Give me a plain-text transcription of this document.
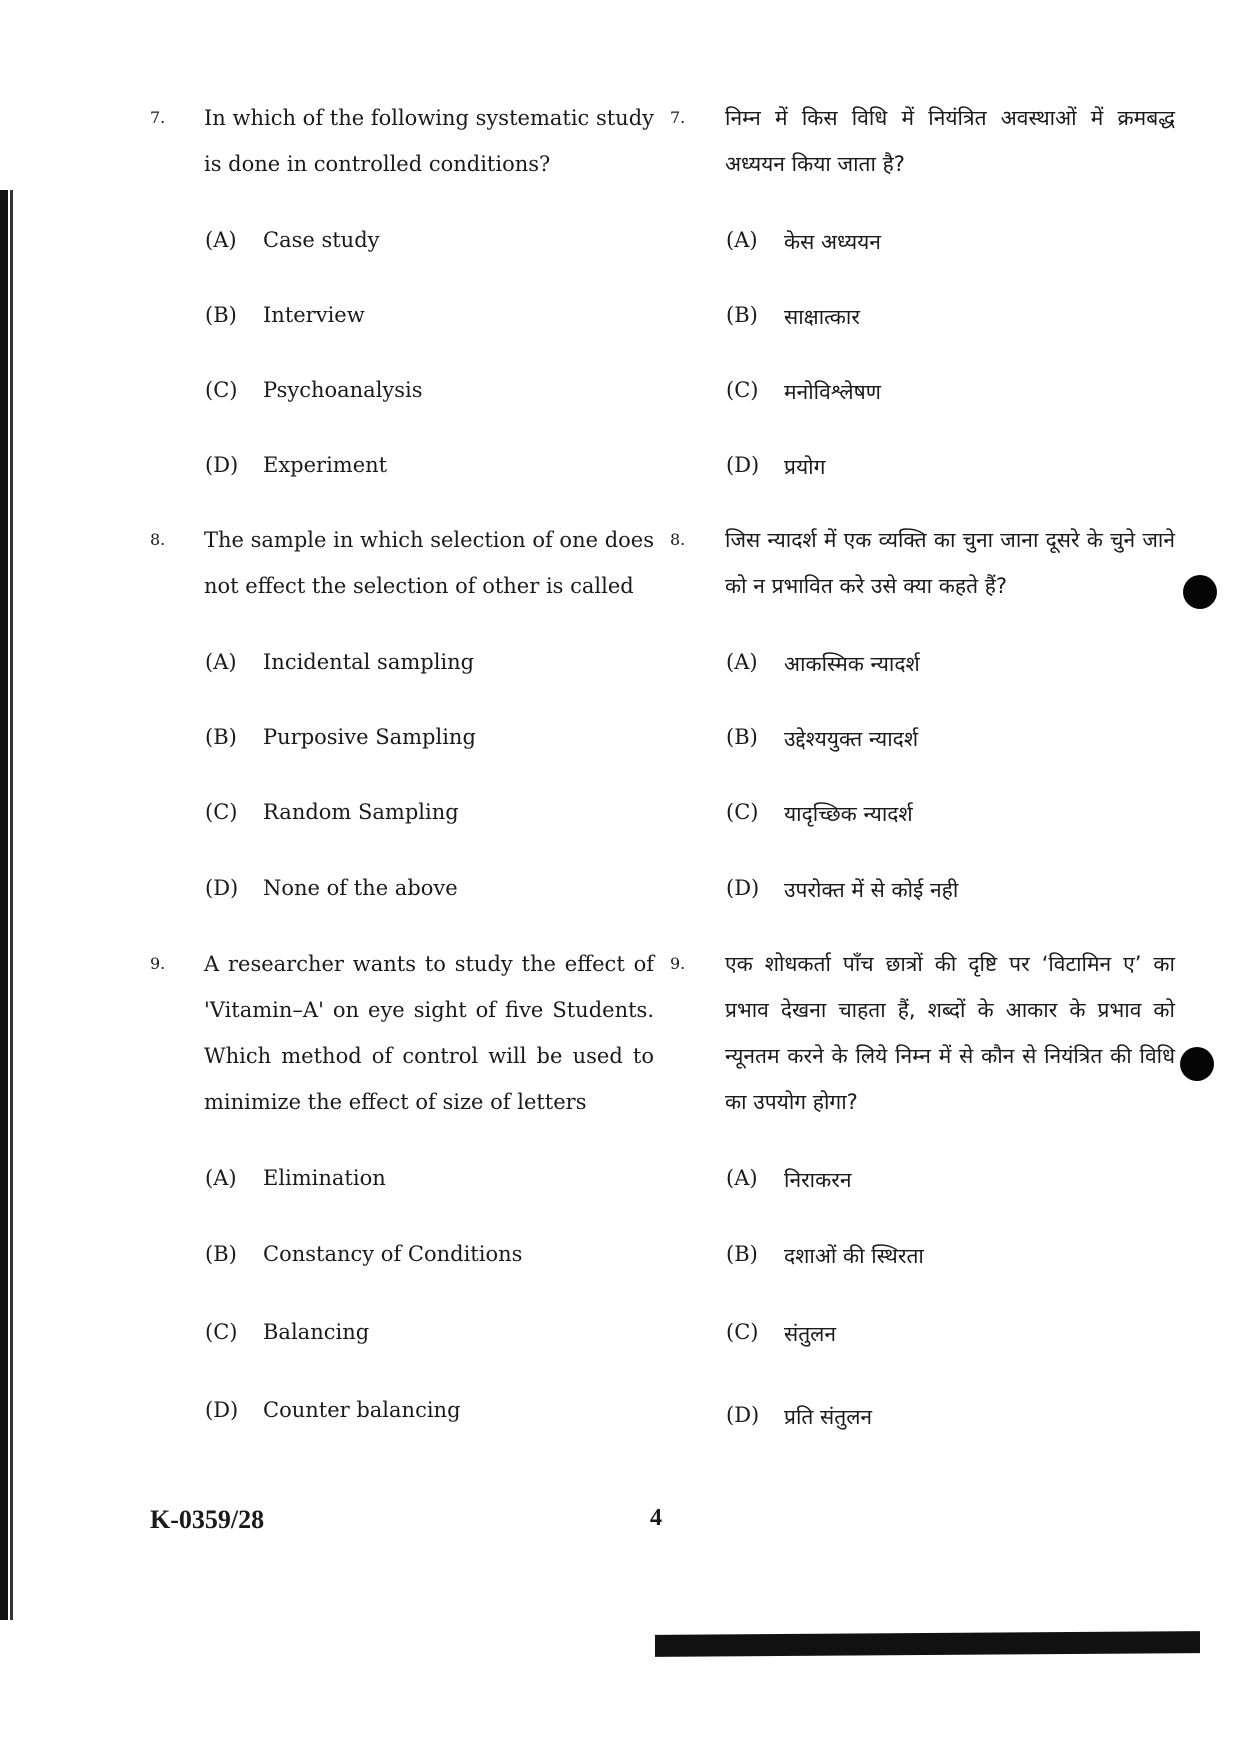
7. In which of the following systematic study is done in controlled conditions?
7. निम्न में किस विधि में नियंत्रित अवस्थाओं में क्रमबद्ध अध्ययन किया जाता है?
(A) Case study
(B) Interview
(C) Psychoanalysis
(D) Experiment
(A) केस अध्ययन
(B) साक्षात्कार
(C) मनोविश्लेषण
(D) प्रयोग
8. The sample in which selection of one does not effect the selection of other is called
8. जिस न्यादर्श में एक व्यक्ति का चुना जाना दूसरे के चुने जाने को न प्रभावित करे उसे क्या कहते हैं?
(A) Incidental sampling
(B) Purposive Sampling
(C) Random Sampling
(D) None of the above
(A) आकस्मिक न्यादर्श
(B) उद्देश्ययुक्त न्यादर्श
(C) यादृच्छिक न्यादर्श
(D) उपरोक्त में से कोई नही
9. A researcher wants to study the effect of 'Vitamin–A' on eye sight of five Students. Which method of control will be used to minimize the effect of size of letters
9. एक शोधकर्ता पाँच छात्रों की दृष्टि पर ‘विटामिन ए’ का प्रभाव देखना चाहता हैं, शब्दों के आकार के प्रभाव को न्यूनतम करने के लिये निम्न में से कौन से नियंत्रित की विधि का उपयोग होगा?
(A) Elimination
(B) Constancy of Conditions
(C) Balancing
(D) Counter balancing
(A) निराकरन
(B) दशाओं की स्थिरता
(C) संतुलन
(D) प्रति संतुलन
K-0359/28	4
